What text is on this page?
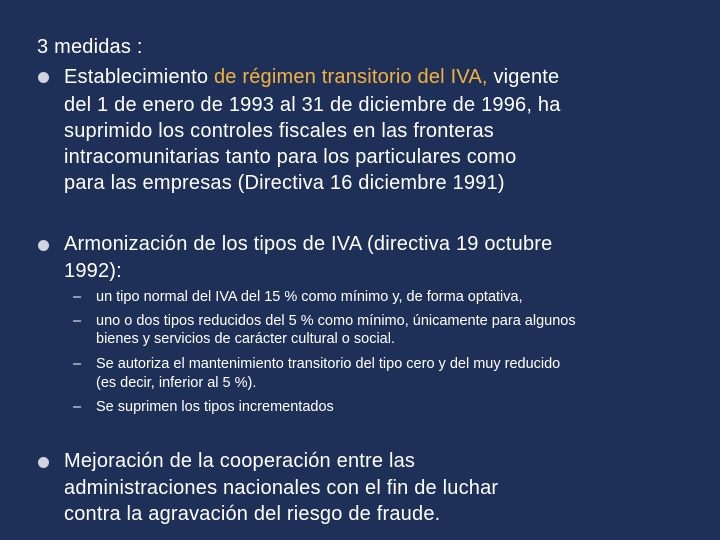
3 medidas :
Establecimiento de régimen transitorio del IVA, vigente
del 1 de enero de 1993 al 31 de diciembre de 1996, ha
suprimido los controles fiscales en las fronteras
intracomunitarias tanto para los particulares como
para las empresas (Directiva 16 diciembre 1991)
Armonización de los tipos de IVA (directiva 19 octubre
1992):
– un tipo normal del IVA del 15 % como mínimo y, de forma optativa,
– uno o dos tipos reducidos del 5 % como mínimo, únicamente para algunos
bienes y servicios de carácter cultural o social.
– Se autoriza el mantenimiento transitorio del tipo cero y del muy reducido
(es decir, inferior al 5 %).
– Se suprimen los tipos incrementados
Mejoración de la cooperación entre las
administraciones nacionales con el fin de luchar
contra la agravación del riesgo de fraude.
